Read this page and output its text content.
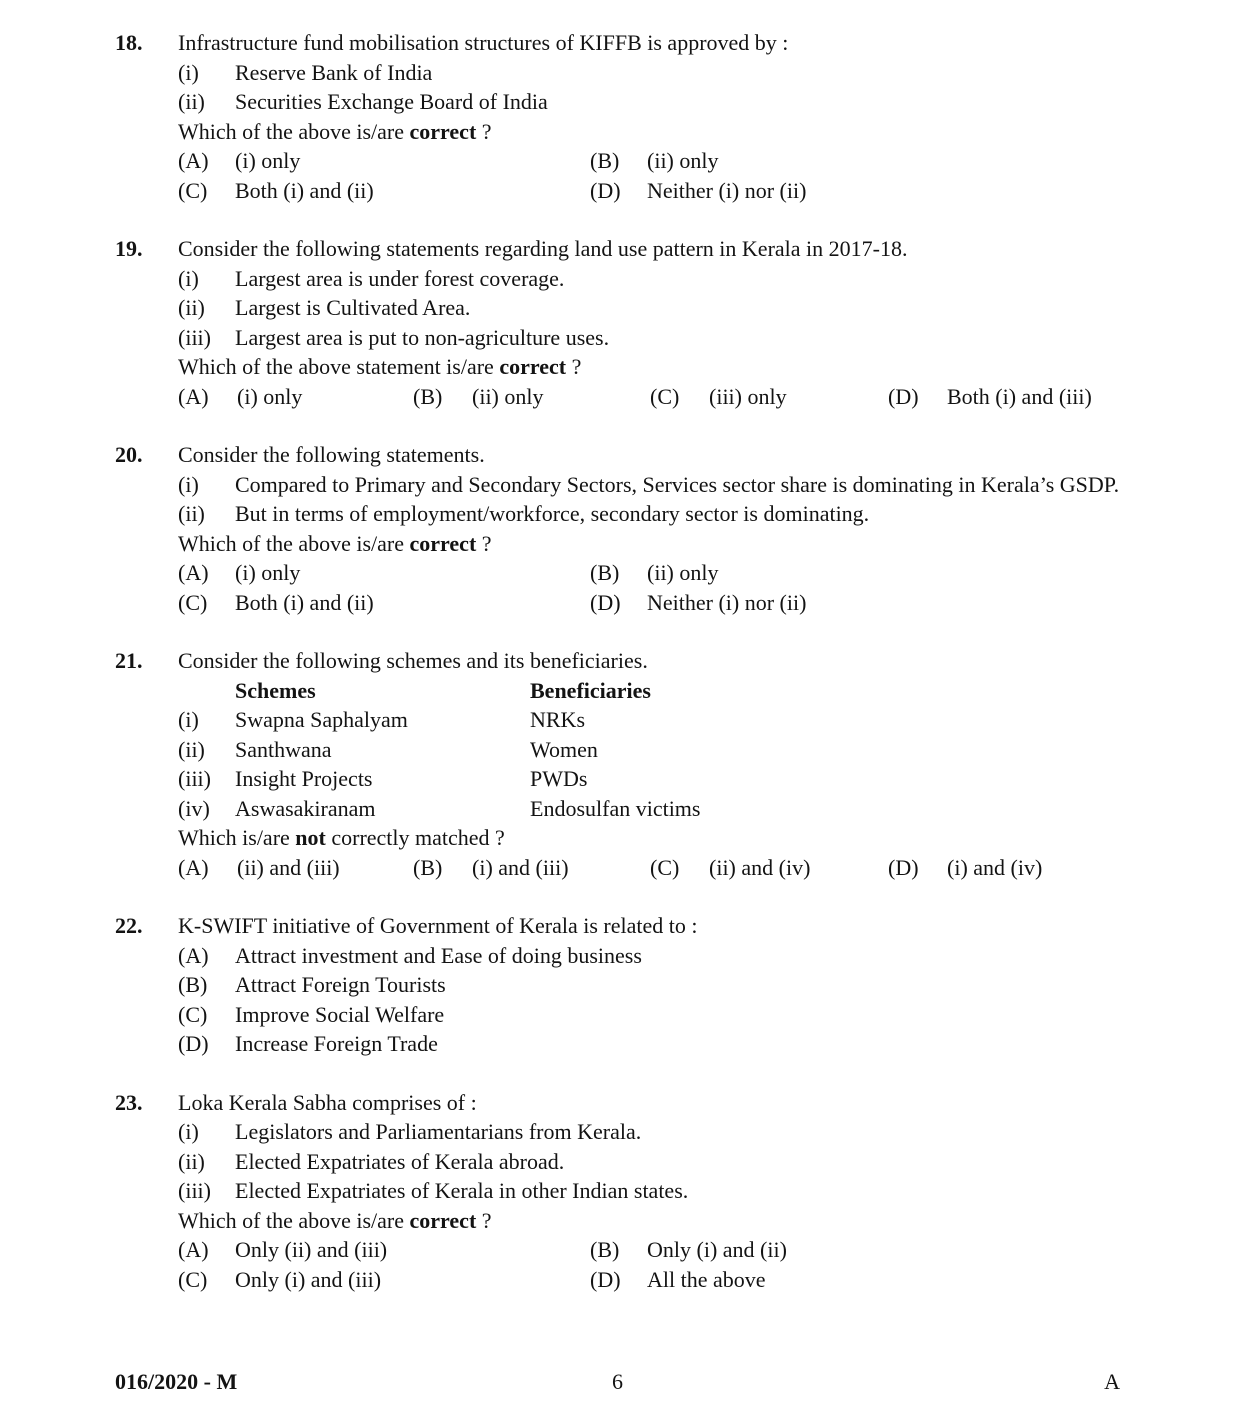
18.	Infrastructure fund mobilisation structures of KIFFB is approved by :

(i)	Reserve Bank of India
(ii)	Securities Exchange Board of India

Which of the above is/are correct ?

(A)	(i) only	(B)	(ii) only
(C)	Both (i) and (ii)	(D)	Neither (i) nor (ii)
19.	Consider the following statements regarding land use pattern in Kerala in 2017-18.

(i)	Largest area is under forest coverage.
(ii)	Largest is Cultivated Area.
(iii)	Largest area is put to non-agriculture uses.

Which of the above statement is/are correct ?

(A)	(i) only	(B)	(ii) only	(C)	(iii) only	(D)	Both (i) and (iii)
20.	Consider the following statements.

(i)	Compared to Primary and Secondary Sectors, Services sector share is dominating in Kerala’s GSDP.
(ii)	But in terms of employment/workforce, secondary sector is dominating.

Which of the above is/are correct ?

(A)	(i) only	(B)	(ii) only
(C)	Both (i) and (ii)	(D)	Neither (i) nor (ii)
21.	Consider the following schemes and its beneficiaries.

Schemes	Beneficiaries
(i)	Swapna Saphalyam	NRKs
(ii)	Santhwana	Women
(iii)	Insight Projects	PWDs
(iv)	Aswasakiranam	Endosulfan victims

Which is/are not correctly matched ?

(A)	(ii) and (iii)	(B)	(i) and (iii)	(C)	(ii) and (iv)	(D)	(i) and (iv)
22.	K-SWIFT initiative of Government of Kerala is related to :

(A)	Attract investment and Ease of doing business
(B)	Attract Foreign Tourists
(C)	Improve Social Welfare
(D)	Increase Foreign Trade
23.	Loka Kerala Sabha comprises of :

(i)	Legislators and Parliamentarians from Kerala.
(ii)	Elected Expatriates of Kerala abroad.
(iii)	Elected Expatriates of Kerala in other Indian states.

Which of the above is/are correct ?

(A)	Only (ii) and (iii)	(B)	Only (i) and (ii)
(C)	Only (i) and (iii)	(D)	All the above
016/2020 - M	6	A
